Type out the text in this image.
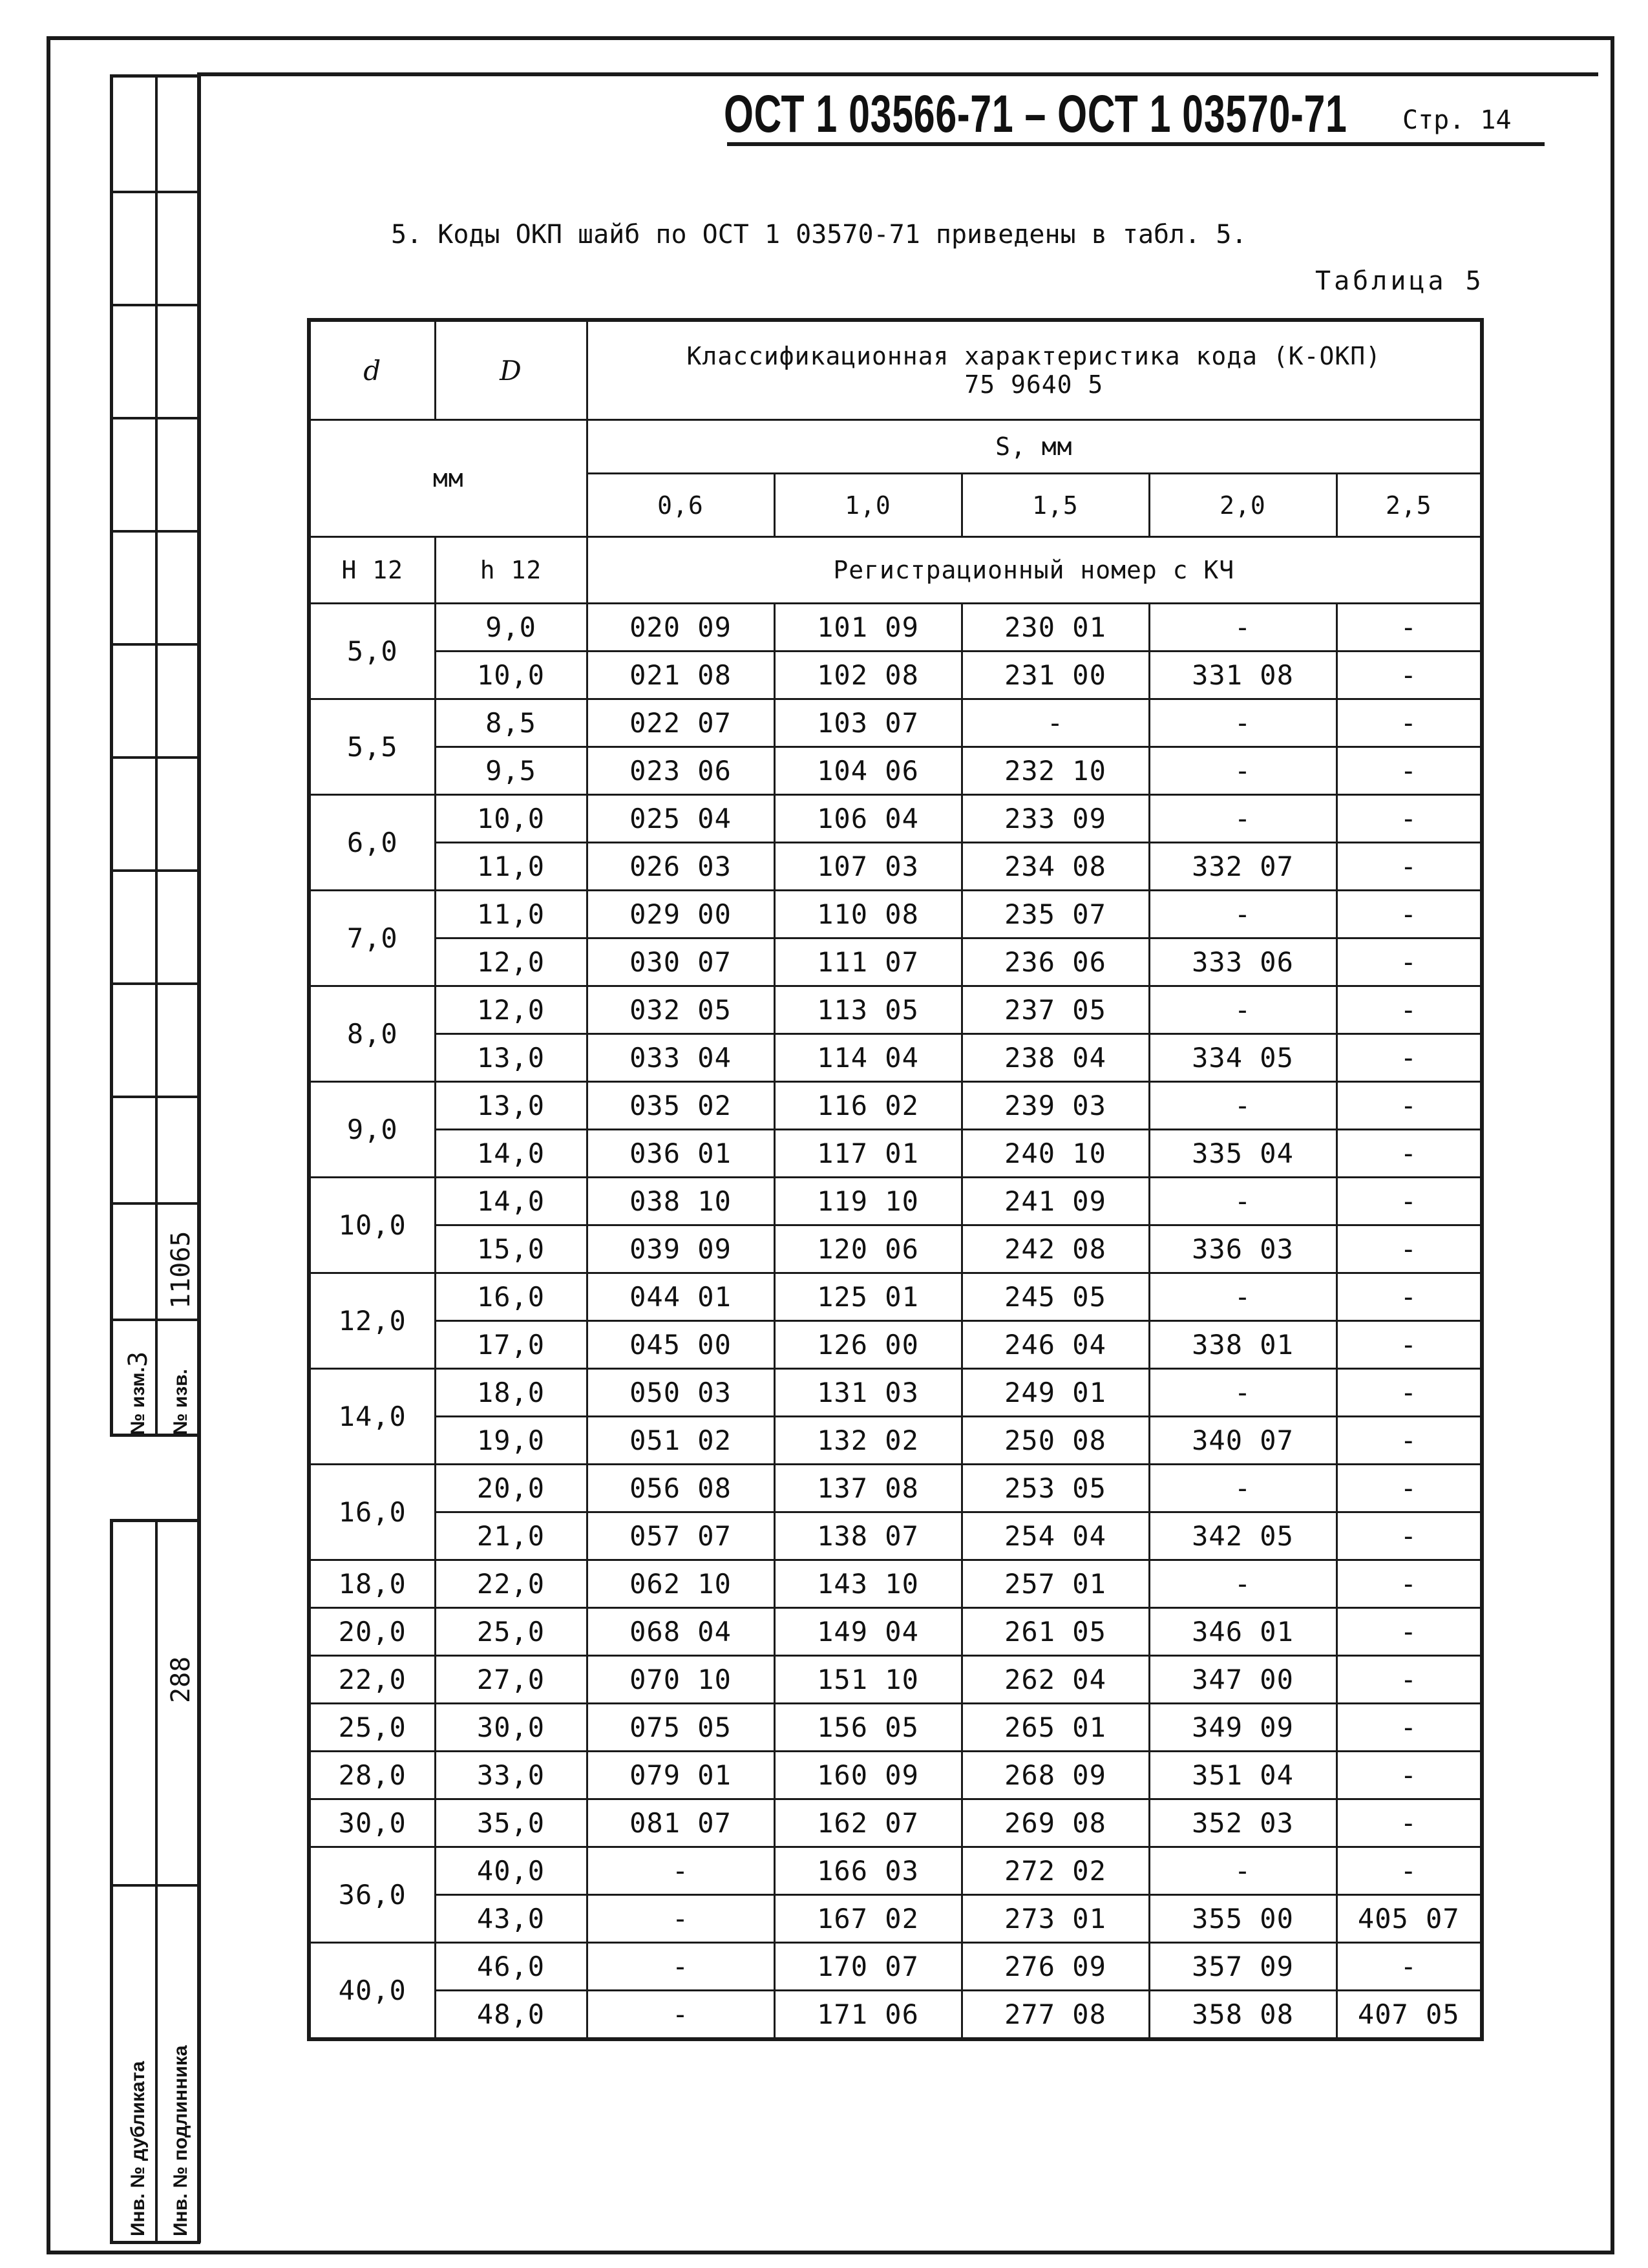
3
11065
№ изм. № изв.
288
Инв. № дубликата Инв. № подлинника
ОСТ 1 03566-71 – ОСТ 1 03570-71 Стр. 14
5. Коды ОКП шайб по ОСТ 1 03570-71 приведены в табл. 5.
Таблица 5
d	D	Классификационная характеристика кода (К-ОКП)
75 9640 5				

мм		S, мм				
		0,6	1,0	1,5	2,0	2,5
H 12	h 12	Регистрационный номер с КЧ				
5,0	9,0	020 09	101 09	230 01	-	-
	10,0	021 08	102 08	231 00	331 08	-
5,5	8,5	022 07	103 07	-	-	-
	9,5	023 06	104 06	232 10	-	-
6,0	10,0	025 04	106 04	233 09	-	-
	11,0	026 03	107 03	234 08	332 07	-
7,0	11,0	029 00	110 08	235 07	-	-
	12,0	030 07	111 07	236 06	333 06	-
8,0	12,0	032 05	113 05	237 05	-	-
	13,0	033 04	114 04	238 04	334 05	-
9,0	13,0	035 02	116 02	239 03	-	-
	14,0	036 01	117 01	240 10	335 04	-
10,0	14,0	038 10	119 10	241 09	-	-
	15,0	039 09	120 06	242 08	336 03	-
12,0	16,0	044 01	125 01	245 05	-	-
	17,0	045 00	126 00	246 04	338 01	-
14,0	18,0	050 03	131 03	249 01	-	-
	19,0	051 02	132 02	250 08	340 07	-
16,0	20,0	056 08	137 08	253 05	-	-
	21,0	057 07	138 07	254 04	342 05	-
18,0	22,0	062 10	143 10	257 01	-	-
20,0	25,0	068 04	149 04	261 05	346 01	-
22,0	27,0	070 10	151 10	262 04	347 00	-
25,0	30,0	075 05	156 05	265 01	349 09	-
28,0	33,0	079 01	160 09	268 09	351 04	-
30,0	35,0	081 07	162 07	269 08	352 03	-
36,0	40,0	-	166 03	272 02	-	-
	43,0	-	167 02	273 01	355 00	405 07
40,0	46,0	-	170 07	276 09	357 09	-
	48,0	-	171 06	277 08	358 08	407 05
